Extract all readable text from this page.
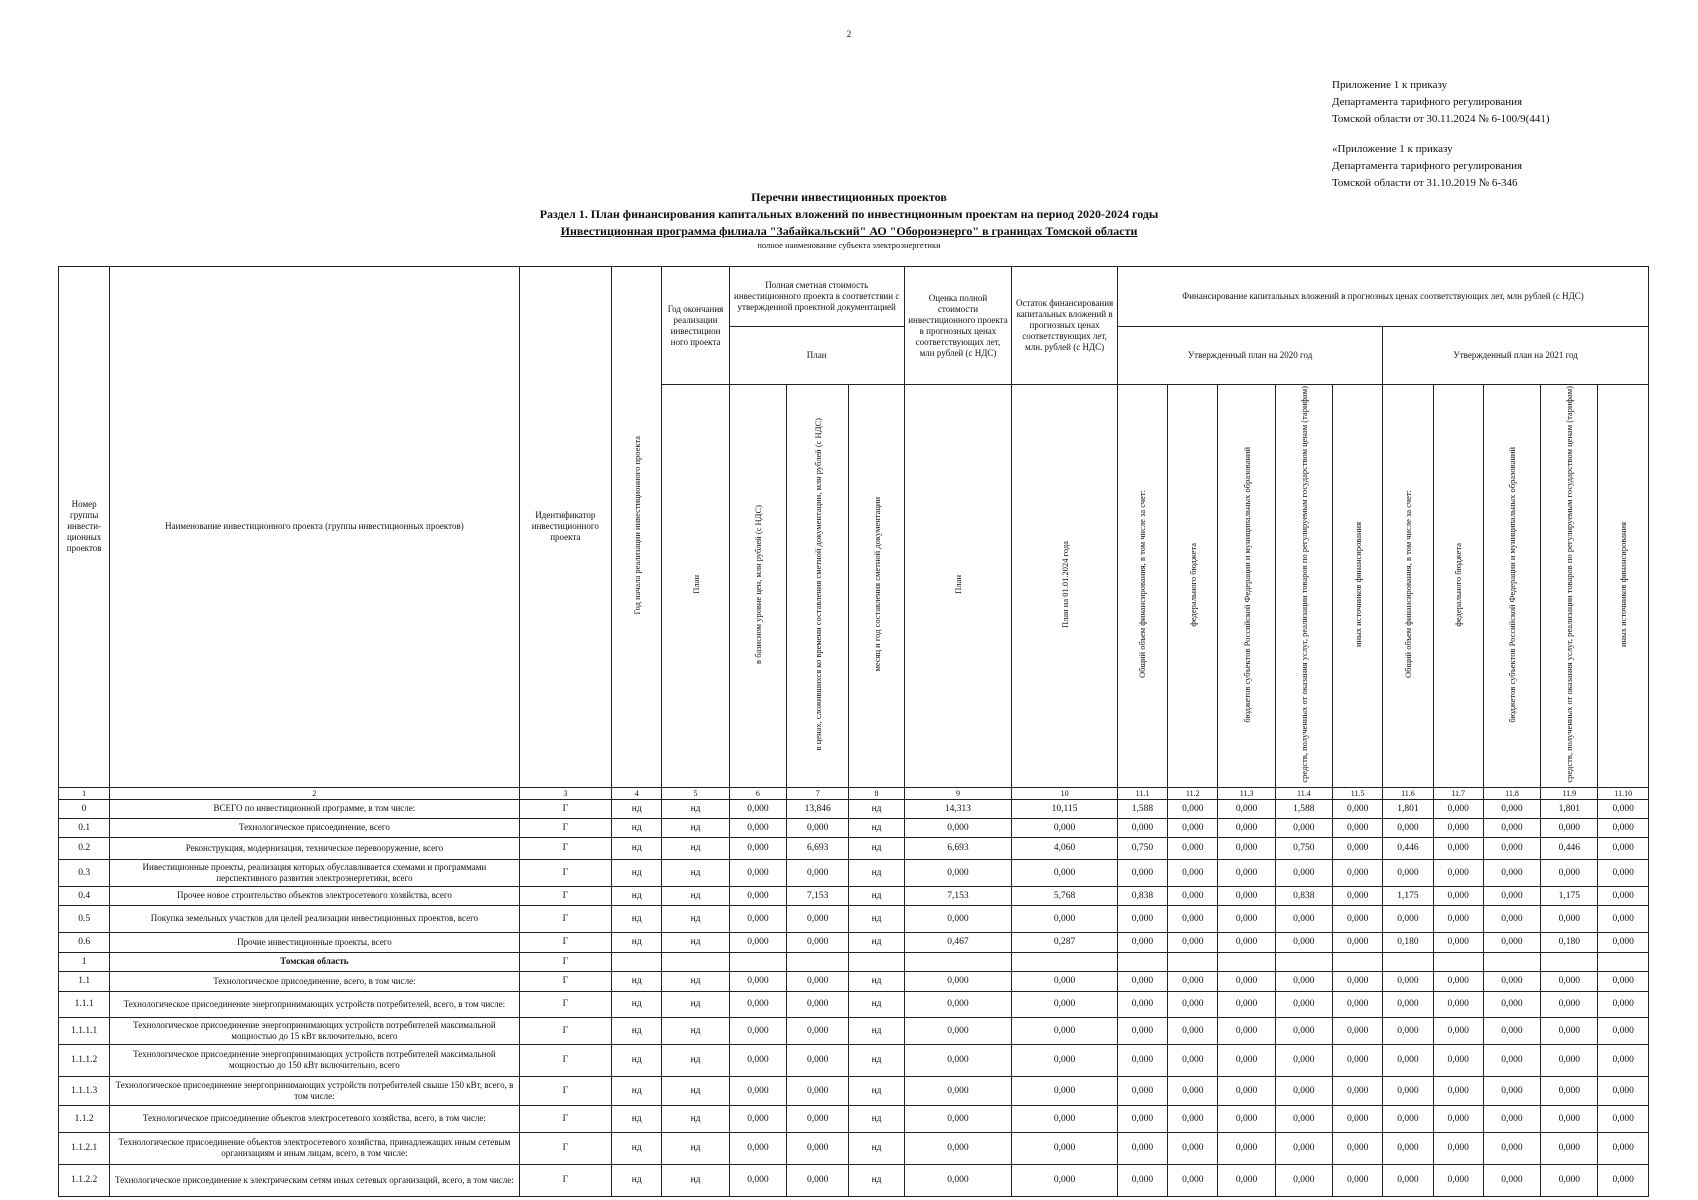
2

Приложение 1 к приказу
Департамента тарифного регулирования
Томской области от 30.11.2024 № 6-100/9(441)

«Приложение 1 к приказу
Департамента тарифного регулирования
Томской области от 31.10.2019 № 6-346

Перечни инвестиционных проектов
Раздел 1. План финансирования капитальных вложений по инвестиционным проектам на период 2020-2024 годы
Инвестиционная программа филиала "Забайкальский" АО "Оборонэнерго" в границах Томской области
полное наименование субъекта электроэнергетики
Номер группы инвести-ционных проектов	Наименование инвестиционного проекта (группы инвестиционных проектов)	Идентификатор инвестиционного проекта	Год начала реализации инвестиционного проекта	Год окончания реализации инвестицион ного проекта	Полная сметная стоимость инвестиционного проекта в соответствии с утвержденной проектной документацией			Оценка полной стоимости инвестиционного проекта в прогнозных ценах соответствующих лет, млн рублей (с НДС)	Остаток финансирования капитальных вложений в прогнозных ценах соответствующих лет, млн. рублей (с НДС)	Финансирование капитальных вложений в прогнозных ценах соответствующих лет, млн рублей (с НДС)									
					План					Утвержденный план на 2020 год					Утвержденный план на 2021 год				
				План	в базисном уровне цен, млн рублей (с НДС)	в ценах, сложившихся ко времени составления сметной документации, млн рублей (с НДС)	месяц и год составления сметной документации	План	План на 01.01.2024 года	Общий объем финансирования, в том числе за счет:	федерального бюджета	бюджетов субъектов Российской Федерации и муниципальных образований	средств, полученных от оказания услуг, реализации товаров по регулируемым государством ценам (тарифам)	иных источников финансирования	Общий объем финансирования, в том числе за счет:	федерального бюджета	бюджетов субъектов Российской Федерации и муниципальных образований	средств, полученных от оказания услуг, реализации товаров по регулируемым государством ценам (тарифам)	иных источников финансирования
1	2	3	4	5	6	7	8	9	10	11.1	11.2	11.3	11.4	11.5	11.6	11.7	11.8	11.9	11.10
0	ВСЕГО по инвестиционной программе, в том числе:	Г	нд	нд	0,000	13,846	нд	14,313	10,115	1,588	0,000	0,000	1,588	0,000	1,801	0,000	0,000	1,801	0,000
0.1	Технологическое присоединение, всего	Г	нд	нд	0,000	0,000	нд	0,000	0,000	0,000	0,000	0,000	0,000	0,000	0,000	0,000	0,000	0,000	0,000
0.2	Реконструкция, модернизация, техническое перевооружение, всего	Г	нд	нд	0,000	6,693	нд	6,693	4,060	0,750	0,000	0,000	0,750	0,000	0,446	0,000	0,000	0,446	0,000
0.3	Инвестиционные проекты, реализация которых обуславливается схемами и программами перспективного развития электроэнергетики, всего	Г	нд	нд	0,000	0,000	нд	0,000	0,000	0,000	0,000	0,000	0,000	0,000	0,000	0,000	0,000	0,000	0,000
0.4	Прочее новое строительство объектов электросетевого хозяйства, всего	Г	нд	нд	0,000	7,153	нд	7,153	5,768	0,838	0,000	0,000	0,838	0,000	1,175	0,000	0,000	1,175	0,000
0.5	Покупка земельных участков для целей реализации инвестиционных проектов, всего	Г	нд	нд	0,000	0,000	нд	0,000	0,000	0,000	0,000	0,000	0,000	0,000	0,000	0,000	0,000	0,000	0,000
0.6	Прочие инвестиционные проекты, всего	Г	нд	нд	0,000	0,000	нд	0,467	0,287	0,000	0,000	0,000	0,000	0,000	0,180	0,000	0,000	0,180	0,000
1	Томская область	Г																	
1.1	Технологическое присоединение, всего, в том числе:	Г	нд	нд	0,000	0,000	нд	0,000	0,000	0,000	0,000	0,000	0,000	0,000	0,000	0,000	0,000	0,000	0,000
1.1.1	Технологическое присоединение энергопринимающих устройств потребителей, всего, в том числе:	Г	нд	нд	0,000	0,000	нд	0,000	0,000	0,000	0,000	0,000	0,000	0,000	0,000	0,000	0,000	0,000	0,000
1.1.1.1	Технологическое присоединение энергопринимающих устройств потребителей максимальной мощностью до 15 кВт включительно, всего	Г	нд	нд	0,000	0,000	нд	0,000	0,000	0,000	0,000	0,000	0,000	0,000	0,000	0,000	0,000	0,000	0,000
1.1.1.2	Технологическое присоединение энергопринимающих устройств потребителей максимальной мощностью до 150 кВт включительно, всего	Г	нд	нд	0,000	0,000	нд	0,000	0,000	0,000	0,000	0,000	0,000	0,000	0,000	0,000	0,000	0,000	0,000
1.1.1.3	Технологическое присоединение энергопринимающих устройств потребителей свыше 150 кВт, всего, в том числе:	Г	нд	нд	0,000	0,000	нд	0,000	0,000	0,000	0,000	0,000	0,000	0,000	0,000	0,000	0,000	0,000	0,000
1.1.2	Технологическое присоединение объектов электросетевого хозяйства, всего, в том числе:	Г	нд	нд	0,000	0,000	нд	0,000	0,000	0,000	0,000	0,000	0,000	0,000	0,000	0,000	0,000	0,000	0,000
1.1.2.1	Технологическое присоединение объектов электросетевого хозяйства, принадлежащих иным сетевым организациям и иным лицам, всего, в том числе:	Г	нд	нд	0,000	0,000	нд	0,000	0,000	0,000	0,000	0,000	0,000	0,000	0,000	0,000	0,000	0,000	0,000
1.1.2.2	Технологическое присоединение к электрическим сетям иных сетевых организаций, всего, в том числе:	Г	нд	нд	0,000	0,000	нд	0,000	0,000	0,000	0,000	0,000	0,000	0,000	0,000	0,000	0,000	0,000	0,000
